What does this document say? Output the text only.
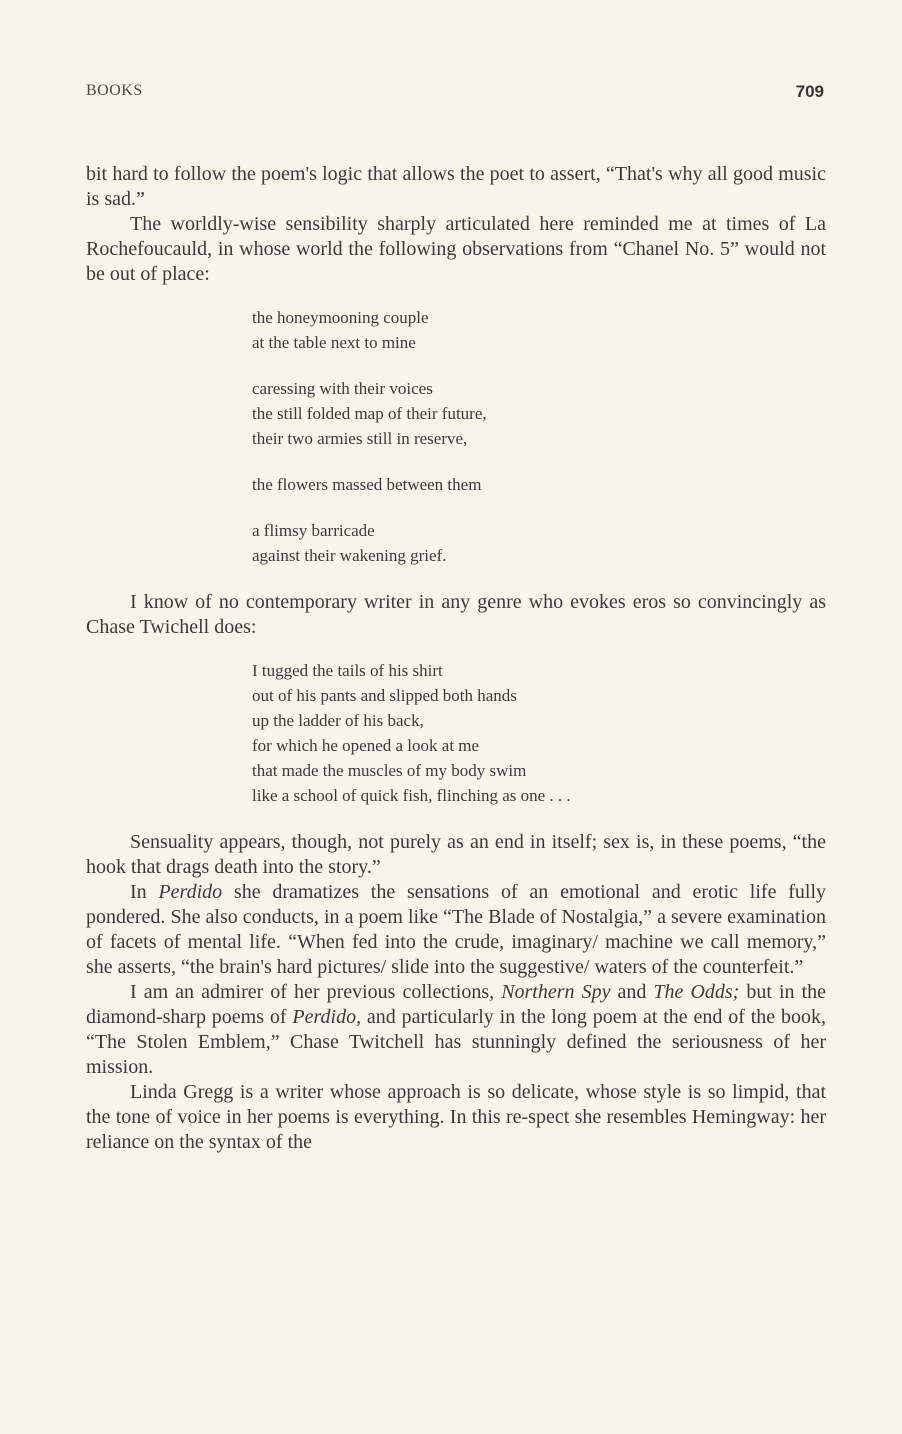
BOOKS	709

bit hard to follow the poem's logic that allows the poet to assert, “That's why all good music is sad.”

The worldly-wise sensibility sharply articulated here reminded me at times of La Rochefoucauld, in whose world the following observations from “Chanel No. 5” would not be out of place:

the honeymooning couple
at the table next to mine
caressing with their voices
the still folded map of their future,
their two armies still in reserve,
the flowers massed between them
a flimsy barricade
against their wakening grief.

I know of no contemporary writer in any genre who evokes eros so convincingly as Chase Twichell does:

I tugged the tails of his shirt
out of his pants and slipped both hands
up the ladder of his back,
for which he opened a look at me
that made the muscles of my body swim
like a school of quick fish, flinching as one . . .

Sensuality appears, though, not purely as an end in itself; sex is, in these poems, “the hook that drags death into the story.”

In Perdido she dramatizes the sensations of an emotional and erotic life fully pondered. She also conducts, in a poem like “The Blade of Nostalgia,” a severe examination of facets of mental life. “When fed into the crude, imaginary/ machine we call memory,” she asserts, “the brain's hard pictures/ slide into the suggestive/ waters of the counterfeit.”

I am an admirer of her previous collections, Northern Spy and The Odds; but in the diamond-sharp poems of Perdido, and particularly in the long poem at the end of the book, “The Stolen Emblem,” Chase Twitchell has stunningly defined the seriousness of her mission.

Linda Gregg is a writer whose approach is so delicate, whose style is so limpid, that the tone of voice in her poems is everything. In this re-spect she resembles Hemingway: her reliance on the syntax of the
